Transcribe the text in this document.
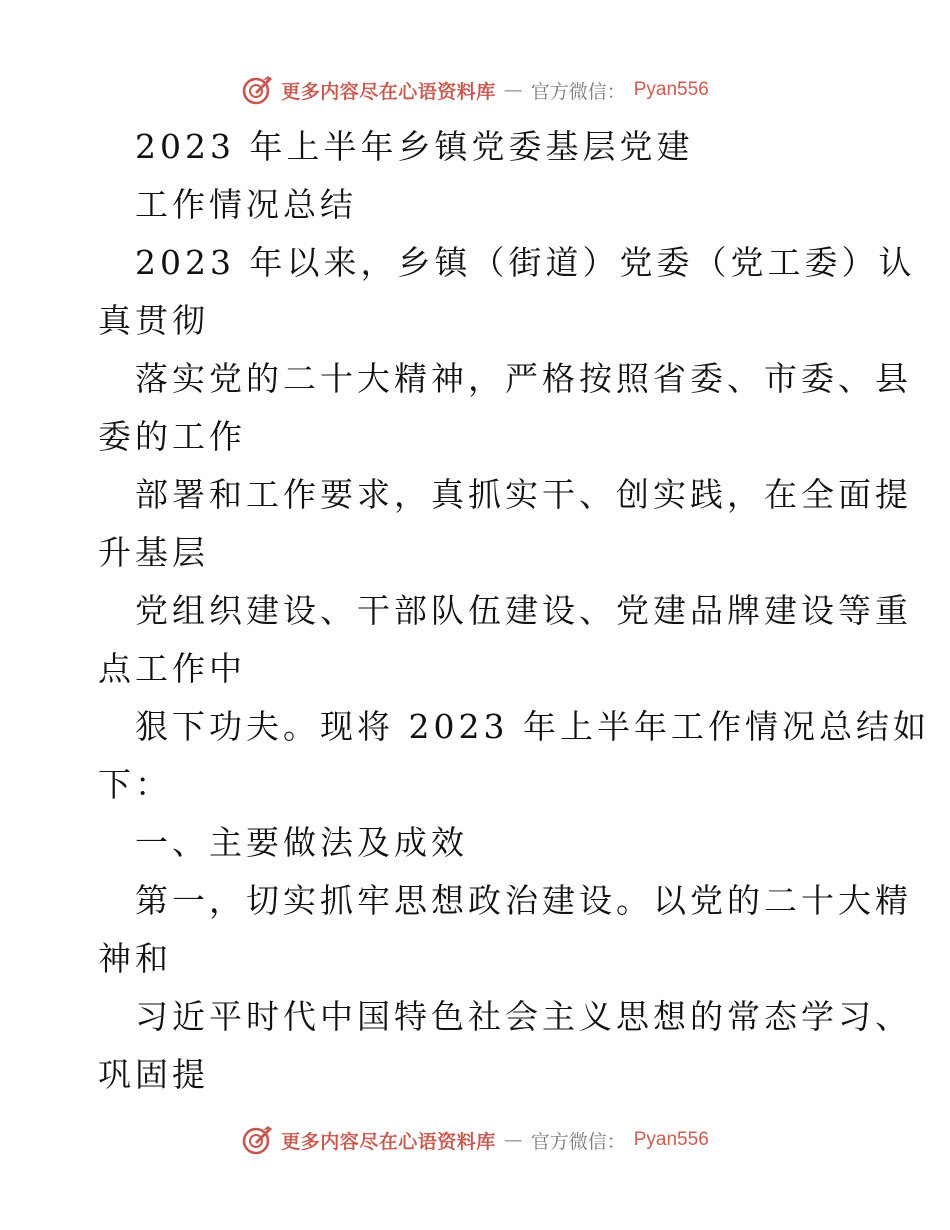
更多内容尽在心语资料库 — 官方微信： Pyan556
2023 年上半年乡镇党委基层党建
工作情况总结
2023 年以来，乡镇（街道）党委（党工委）认
真贯彻
落实党的二十大精神，严格按照省委、市委、县
委的工作
部署和工作要求，真抓实干、创实践，在全面提
升基层
党组织建设、干部队伍建设、党建品牌建设等重
点工作中
狠下功夫。现将 2023 年上半年工作情况总结如
下：
一、主要做法及成效
第一，切实抓牢思想政治建设。以党的二十大精
神和
习近平时代中国特色社会主义思想的常态学习、
巩固提
更多内容尽在心语资料库 — 官方微信： Pyan556
